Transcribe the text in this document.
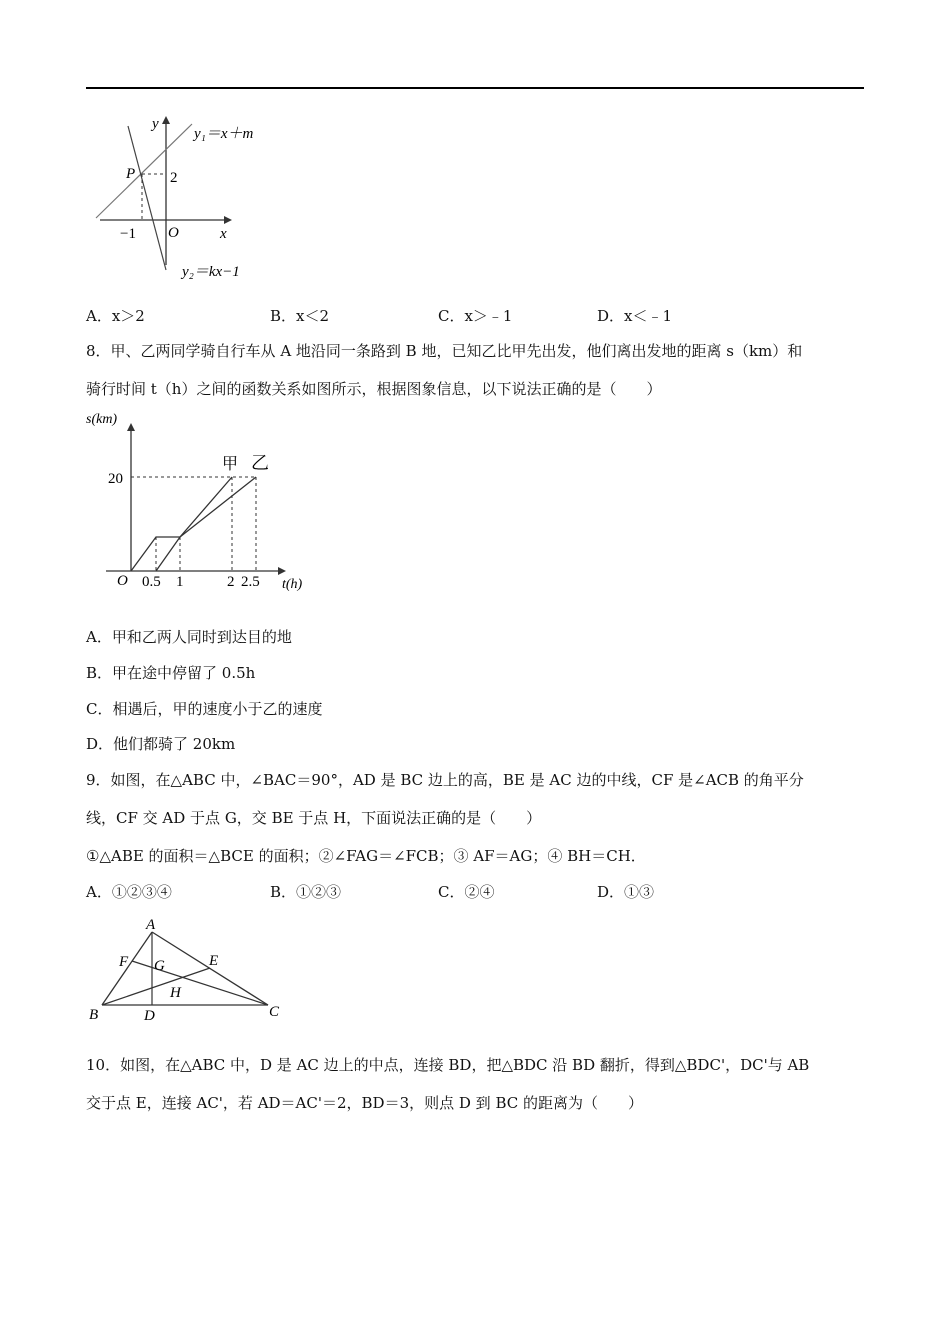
y
x
O
P 2
−1
y₁＝x＋m
y₂＝kx−1
A．x＞2	B．x＜2	C．x＞﹣1	D．x＜﹣1
8．甲、乙两同学骑自行车从 A 地沿同一条路到 B 地，已知乙比甲先出发，他们离出发地的距离 s（km）和
骑行时间 t（h）之间的函数关系如图所示，根据图象信息，以下说法正确的是（　　）
s(km)
t(h)
O
20
0.5 1	2 2.5
甲 乙
A．甲和乙两人同时到达目的地
B．甲在途中停留了 0.5h
C．相遇后，甲的速度小于乙的速度
D．他们都骑了 20km
9．如图，在△ABC 中，∠BAC＝90°，AD 是 BC 边上的高，BE 是 AC 边的中线，CF 是∠ACB 的角平分
线，CF 交 AD 于点 G，交 BE 于点 H，下面说法正确的是（　　）
①△ABE 的面积＝△BCE 的面积；②∠FAG＝∠FCB；③ AF＝AG；④ BH＝CH．
A．①②③④	B．①②③	C．②④	D．①③
A
B	C
D
E
F G
H
10．如图，在△ABC 中，D 是 AC 边上的中点，连接 BD，把△BDC 沿 BD 翻折，得到△BDC'，DC'与 AB
交于点 E，连接 AC'，若 AD＝AC'＝2，BD＝3，则点 D 到 BC 的距离为（　　）
